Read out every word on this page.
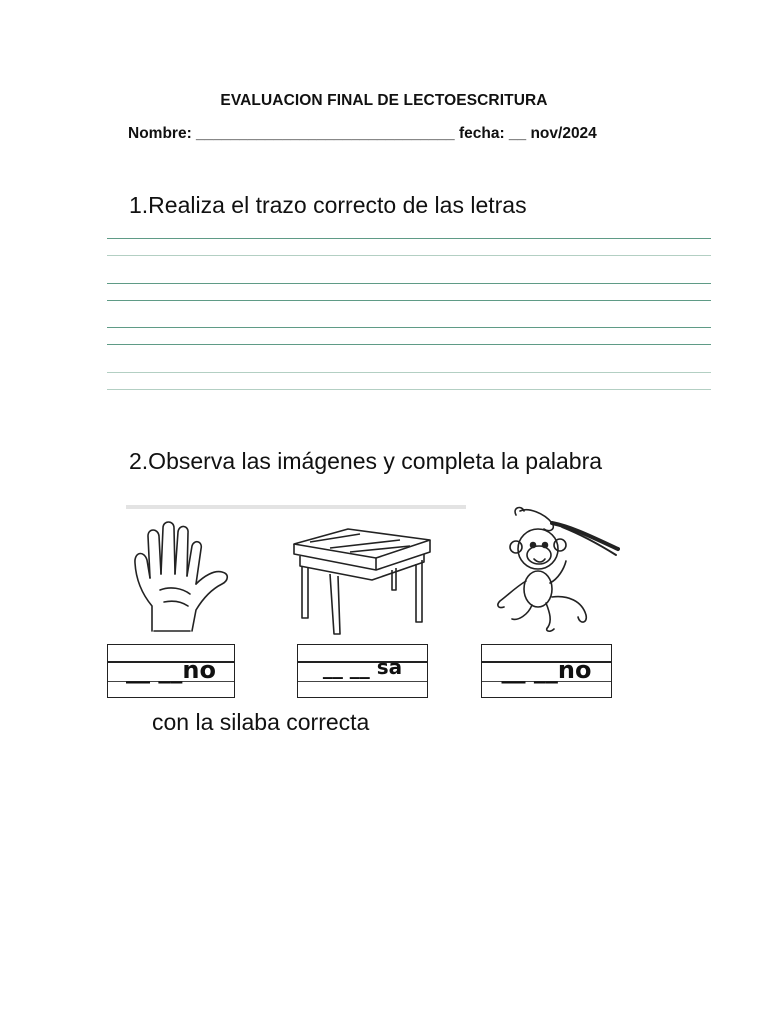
EVALUACION FINAL DE LECTOESCRITURA
Nombre: ______________________________ fecha: __ nov/2024
1.Realiza el trazo correcto de las letras
2.Observa las imágenes y completa la palabra
__ __no	__ __ sa	__ __no
con la silaba correcta
